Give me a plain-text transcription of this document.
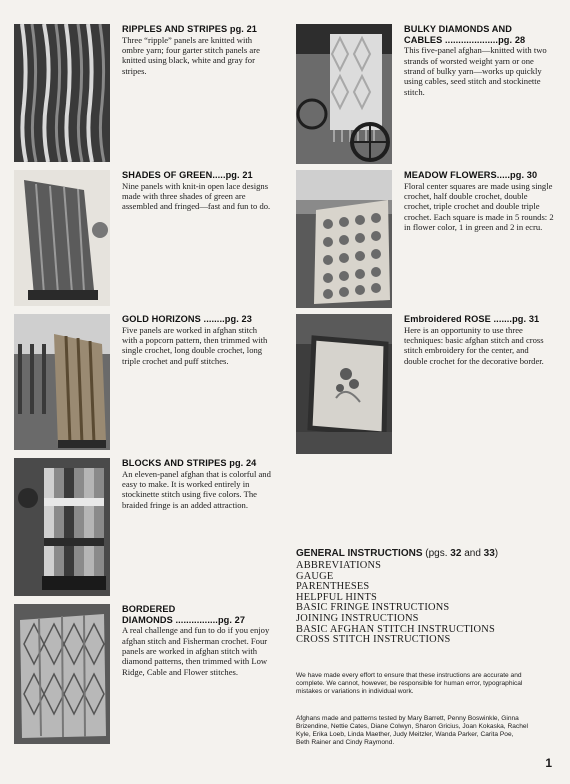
RIPPLES AND STRIPES pg. 21
Three “ripple” panels are knitted with ombre yarn; four garter stitch panels are knitted using black, white and gray for stripes.
SHADES OF GREEN.....pg. 21
Nine panels with knit-in open lace designs made with three shades of green are assembled and fringed—fast and fun to do.
GOLD HORIZONS ........pg. 23
Five panels are worked in afghan stitch with a popcorn pattern, then trimmed with single crochet, long double crochet, long triple crochet and puff stitches.
BLOCKS AND STRIPES pg. 24
An eleven-panel afghan that is colorful and easy to make. It is worked entirely in stockinette stitch using five colors. The braided fringe is an added attraction.
BORDERED
DIAMONDS ................pg. 27
A real challenge and fun to do if you enjoy afghan stitch and Fisherman crochet. Four panels are worked in afghan stitch with diamond patterns, then trimmed with Low Ridge, Cable and Flower stitches.
BULKY DIAMONDS AND
CABLES ....................pg. 28
This five-panel afghan—knitted with two strands of worsted weight yarn or one strand of bulky yarn—works up quickly using cables, seed stitch and stockinette stitch.
MEADOW FLOWERS.....pg. 30
Floral center squares are made using single crochet, half double crochet, double crochet, triple crochet and double triple crochet. Each square is made in 5 rounds: 2 in flower color, 1 in green and 2 in ecru.
Embroidered ROSE .......pg. 31
Here is an opportunity to use three techniques: basic afghan stitch and cross stitch embroidery for the center, and double crochet for the decorative border.
GENERAL INSTRUCTIONS (pgs. 32 and 33)
ABBREVIATIONS
GAUGE
PARENTHESES
HELPFUL HINTS
BASIC FRINGE INSTRUCTIONS
JOINING INSTRUCTIONS
BASIC AFGHAN STITCH INSTRUCTIONS
CROSS STITCH INSTRUCTIONS
We have made every effort to ensure that these instructions are accurate and complete. We cannot, however, be responsible for human error, typographical mistakes or variations in individual work.
Afghans made and patterns tested by Mary Barrett, Penny Boswinkle, Ginna Brizendine, Nettie Cates, Diane Colwyn, Sharon Gricius, Joan Kokaska, Rachel Kyle, Erika Loeb, Linda Maether, Judy Meitzler, Wanda Parker, Carita Poe, Beth Rainer and Cindy Raymond.
1
